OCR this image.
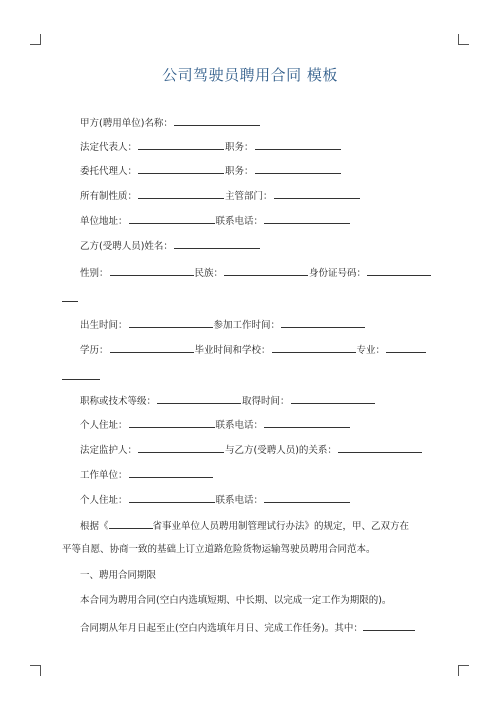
公司驾驶员聘用合同 模板
甲方(聘用单位)名称：
法定代表人：	职务：
委托代理人：	职务：
所有制性质：	主管部门：
单位地址：	联系电话：
乙方(受聘人员)姓名：
性别：	民族：	身份证号码：
出生时间：	参加工作时间：
学历：	毕业时间和学校：	专业：
职称或技术等级：	取得时间：
个人住址：	联系电话：
法定监护人：	与乙方(受聘人员)的关系：
工作单位：
个人住址：	联系电话：
根据《	省事业单位人员聘用制管理试行办法》的规定，甲、乙双方在
平等自愿、协商一致的基础上订立道路危险货物运输驾驶员聘用合同范本。
一、聘用合同期限
本合同为聘用合同(空白内选填短期、中长期、以完成一定工作为期限的)。
合同期从年月日起至止(空白内选填年月日、完成工作任务)。其中：
